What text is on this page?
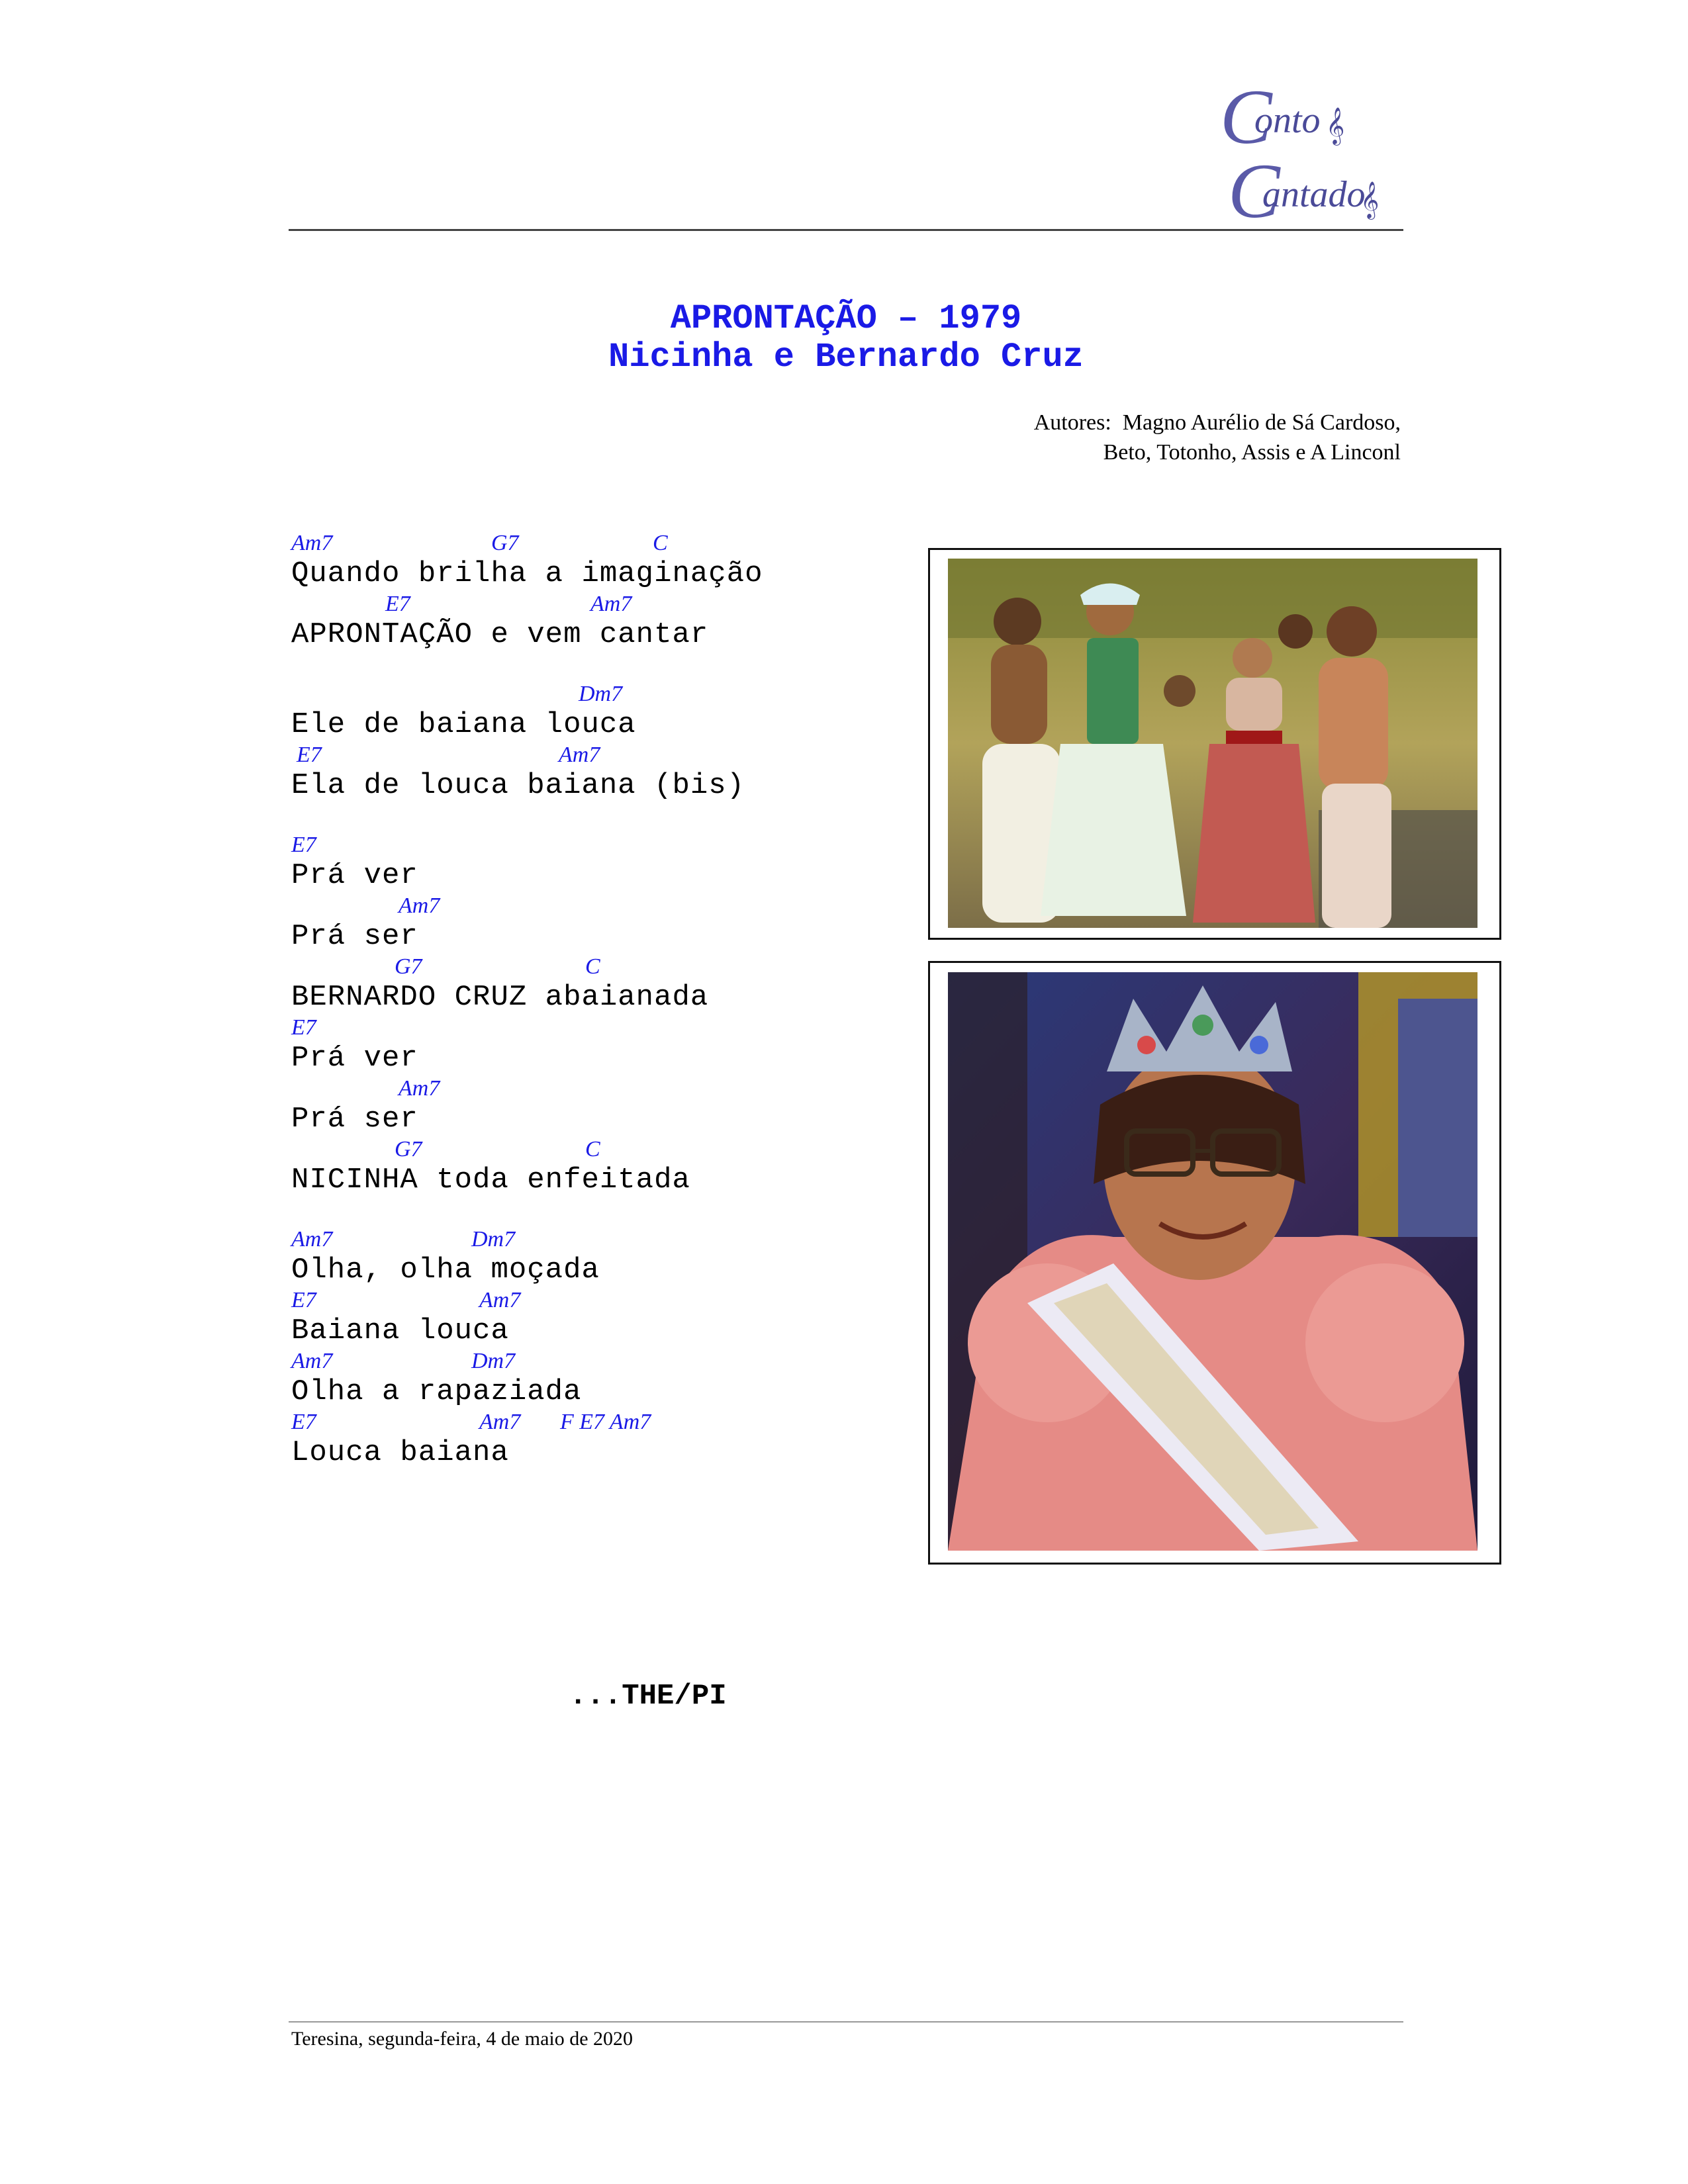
C
onto 𝄞
C
antado
𝄞
APRONTAÇÃO – 1979
Nicinha e Bernardo Cruz
Autores:  Magno Aurélio de Sá Cardoso,
Beto, Totonho, Assis e A Linconl
Am7	G7	C
Quando brilha a imaginação
E7	Am7
APRONTAÇÃO e vem cantar
Dm7
Ele de baiana louca
E7	Am7
Ela de louca baiana (bis)
E7
Prá ver
Am7
Prá ser
G7	C
BERNARDO CRUZ abaianada
E7
Prá ver
Am7
Prá ser
G7	C
NICINHA toda enfeitada
Am7	Dm7
Olha, olha moçada
E7	Am7
Baiana louca
Am7	Dm7
Olha a rapaziada
E7	Am7 F E7 Am7
Louca baiana
...THE/PI
Teresina, segunda-feira, 4 de maio de 2020
